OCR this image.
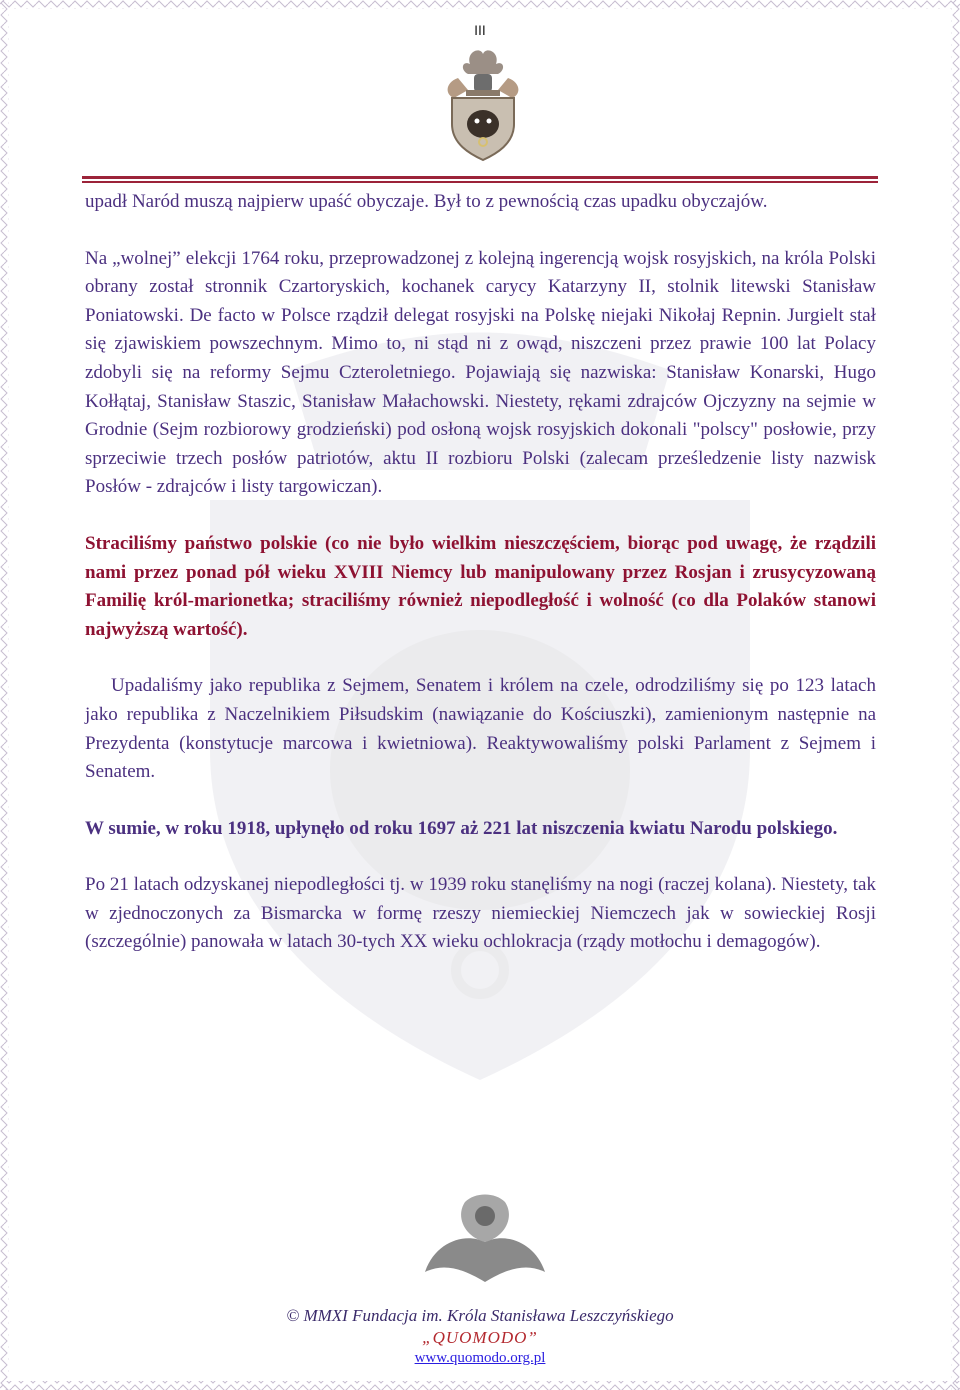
III

upadł Naród muszą najpierw upaść obyczaje. Był to z pewnością czas upadku obyczajów.

Na „wolnej” elekcji 1764 roku, przeprowadzonej z kolejną ingerencją wojsk rosyjskich, na króla Polski obrany został stronnik Czartoryskich, kochanek carycy Katarzyny II, stolnik litewski Stanisław Poniatowski. De facto w Polsce rządził delegat rosyjski na Polskę niejaki Nikołaj Repnin. Jurgielt stał się zjawiskiem powszechnym. Mimo to, ni stąd ni z owąd, niszczeni przez prawie 100 lat Polacy zdobyli się na reformy Sejmu Czteroletniego. Pojawiają się nazwiska: Stanisław Konarski, Hugo Kołłątaj, Stanisław Staszic, Stanisław Małachowski. Niestety, rękami zdrajców Ojczyzny na sejmie w Grodnie (Sejm rozbiorowy grodzieński) pod osłoną wojsk rosyjskich dokonali "polscy" posłowie, przy sprzeciwie trzech posłów patriotów, aktu II rozbioru Polski (zalecam prześledzenie listy nazwisk Posłów - zdrajców i listy targowiczan).

Straciliśmy państwo polskie (co nie było wielkim nieszczęściem, biorąc pod uwagę, że rządzili nami przez ponad pół wieku XVIII Niemcy lub manipulowany przez Rosjan i zrusycyzowaną Familię król-marionetka; straciliśmy również niepodległość i wolność (co dla Polaków stanowi najwyższą wartość).

Upadaliśmy jako republika z Sejmem, Senatem i królem na czele, odrodziliśmy się po 123 latach jako republika z Naczelnikiem Piłsudskim (nawiązanie do Kościuszki), zamienionym następnie na Prezydenta (konstytucje marcowa i kwietniowa). Reaktywowaliśmy polski Parlament z Sejmem i Senatem.

W sumie, w roku 1918, upłynęło od roku 1697 aż 221 lat niszczenia kwiatu Narodu polskiego.

Po 21 latach odzyskanej niepodległości tj. w 1939 roku stanęliśmy na nogi (raczej kolana). Niestety, tak w zjednoczonych za Bismarcka w formę rzeszy niemieckiej Niemczech jak w sowieckiej Rosji (szczególnie) panowała w latach 30-tych XX wieku ochlokracja (rządy motłochu i demagogów).

© MMXI Fundacja im. Króla Stanisława Leszczyńskiego
„QUOMODO”
www.quomodo.org.pl
